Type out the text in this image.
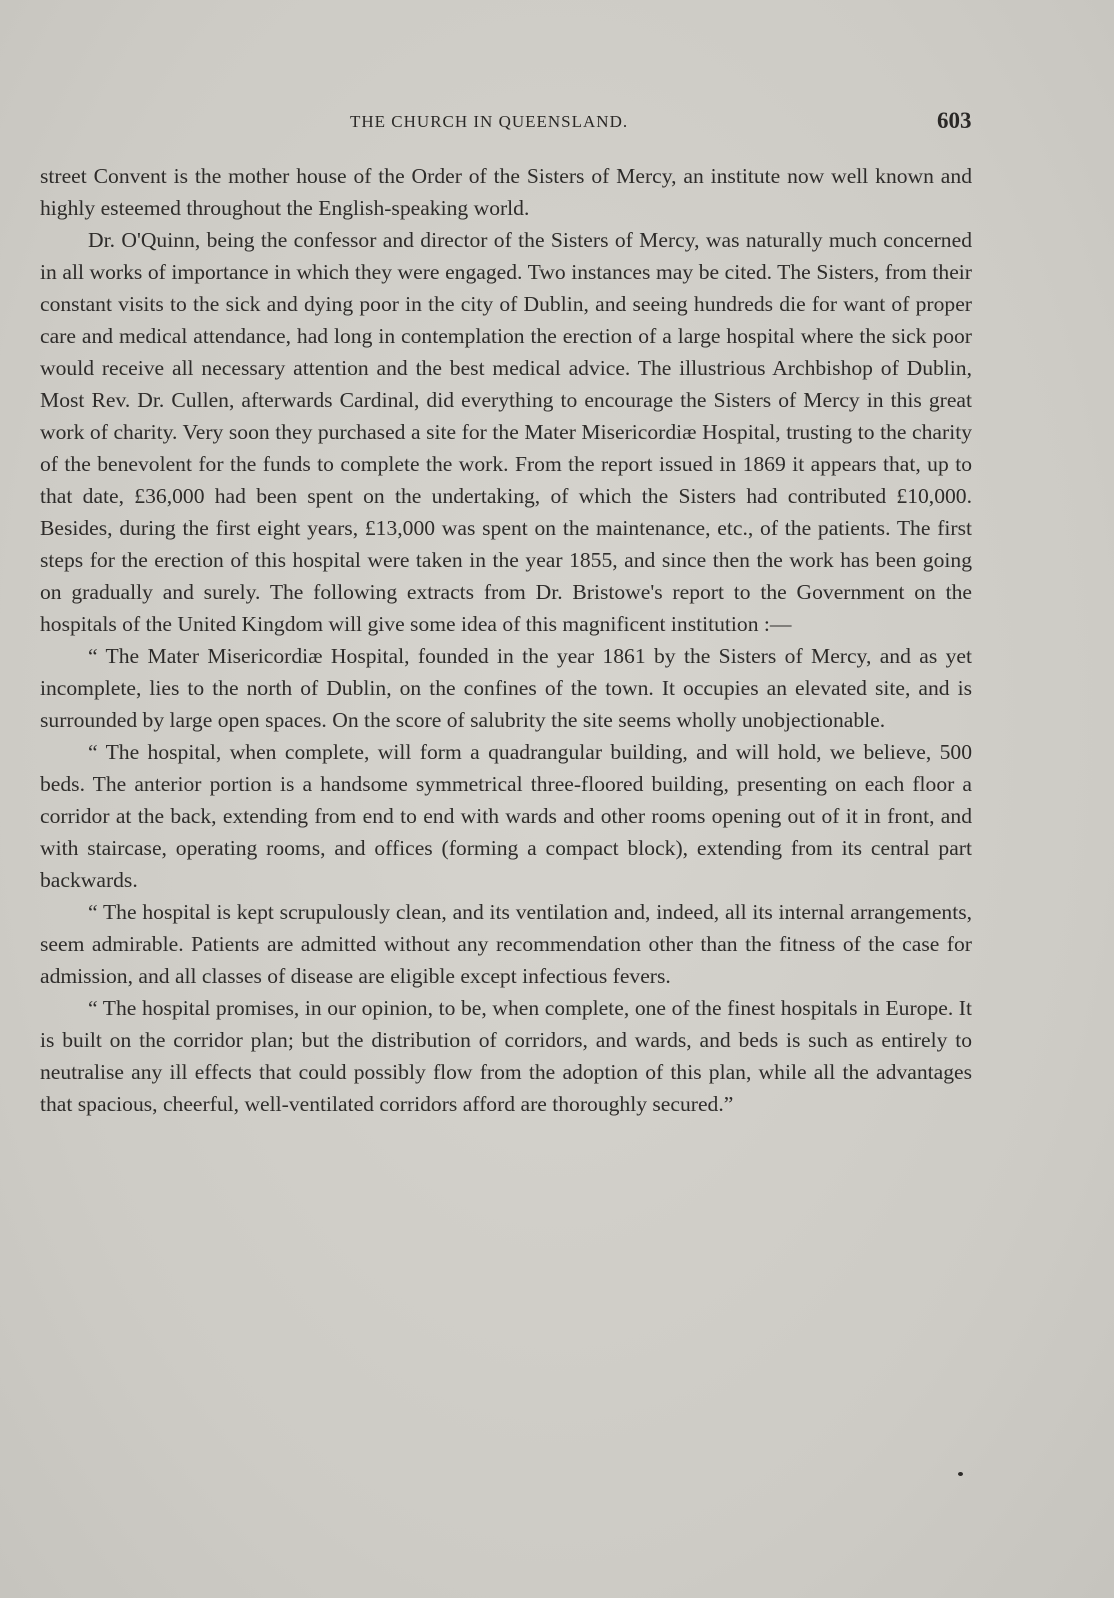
THE CHURCH IN QUEENSLAND.	603

street Convent is the mother house of the Order of the Sisters of Mercy, an institute now well known and highly esteemed throughout the English-speaking world.

Dr. O'Quinn, being the confessor and director of the Sisters of Mercy, was naturally much concerned in all works of importance in which they were engaged. Two instances may be cited. The Sisters, from their constant visits to the sick and dying poor in the city of Dublin, and seeing hundreds die for want of proper care and medical attendance, had long in contemplation the erection of a large hospital where the sick poor would receive all necessary attention and the best medical advice. The illustrious Archbishop of Dublin, Most Rev. Dr. Cullen, afterwards Cardinal, did everything to encourage the Sisters of Mercy in this great work of charity. Very soon they purchased a site for the Mater Misericordiæ Hospital, trusting to the charity of the benevolent for the funds to complete the work. From the report issued in 1869 it appears that, up to that date, £36,000 had been spent on the undertaking, of which the Sisters had contributed £10,000. Besides, during the first eight years, £13,000 was spent on the maintenance, etc., of the patients. The first steps for the erection of this hospital were taken in the year 1855, and since then the work has been going on gradually and surely. The following extracts from Dr. Bristowe's report to the Government on the hospitals of the United Kingdom will give some idea of this magnificent institution :—

“ The Mater Misericordiæ Hospital, founded in the year 1861 by the Sisters of Mercy, and as yet incomplete, lies to the north of Dublin, on the confines of the town. It occupies an elevated site, and is surrounded by large open spaces. On the score of salubrity the site seems wholly unobjectionable.

“ The hospital, when complete, will form a quadrangular building, and will hold, we believe, 500 beds. The anterior portion is a handsome symmetrical three-floored building, presenting on each floor a corridor at the back, extending from end to end with wards and other rooms opening out of it in front, and with staircase, operating rooms, and offices (forming a compact block), extending from its central part backwards.

“ The hospital is kept scrupulously clean, and its ventilation and, indeed, all its internal arrangements, seem admirable. Patients are admitted without any recommendation other than the fitness of the case for admission, and all classes of disease are eligible except infectious fevers.

“ The hospital promises, in our opinion, to be, when complete, one of the finest hospitals in Europe. It is built on the corridor plan; but the distribution of corridors, and wards, and beds is such as entirely to neutralise any ill effects that could possibly flow from the adoption of this plan, while all the advantages that spacious, cheerful, well-ventilated corridors afford are thoroughly secured.”
